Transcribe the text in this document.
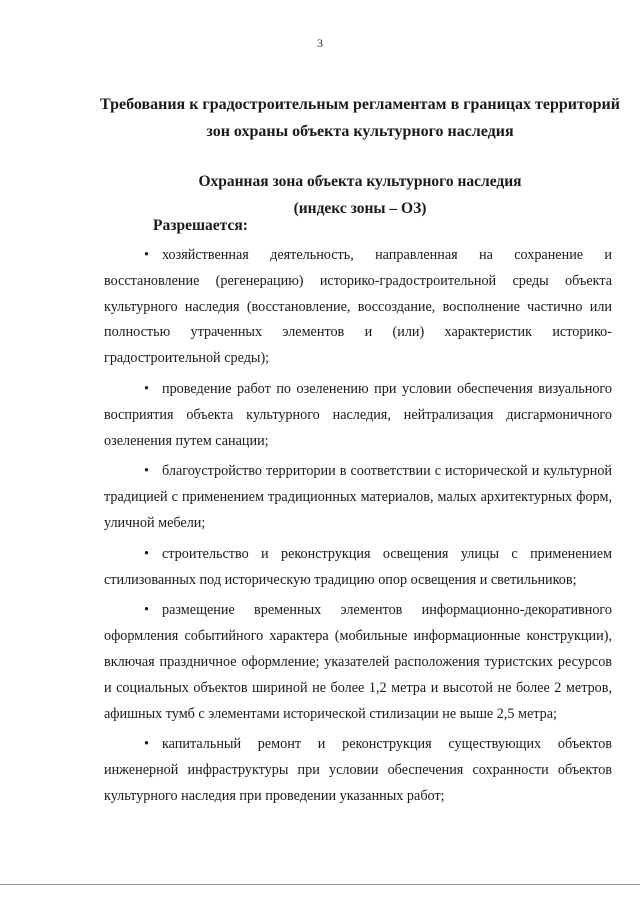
3
Требования к градостроительным регламентам в границах территорий зон охраны объекта культурного наследия
Охранная зона объекта культурного наследия
(индекс зоны – ОЗ)
Разрешается:

• хозяйственная деятельность, направленная на сохранение и восстановление (регенерацию) историко-градостроительной среды объекта культурного наследия (восстановление, воссоздание, восполнение частично или полностью утраченных элементов и (или) характеристик историко-градостроительной среды);

• проведение работ по озеленению при условии обеспечения визуального восприятия объекта культурного наследия, нейтрализация дисгармоничного озеленения путем санации;

• благоустройство территории в соответствии с исторической и культурной традицией с применением традиционных материалов, малых архитектурных форм, уличной мебели;

• строительство и реконструкция освещения улицы с применением стилизованных под историческую традицию опор освещения и светильников;

• размещение временных элементов информационно-декоративного оформления событийного характера (мобильные информационные конструкции), включая праздничное оформление; указателей расположения туристских ресурсов и социальных объектов шириной не более 1,2 метра и высотой не более 2 метров, афишных тумб с элементами исторической стилизации не выше 2,5 метра;

• капитальный ремонт и реконструкция существующих объектов инженерной инфраструктуры при условии обеспечения сохранности объектов культурного наследия при проведении указанных работ;
